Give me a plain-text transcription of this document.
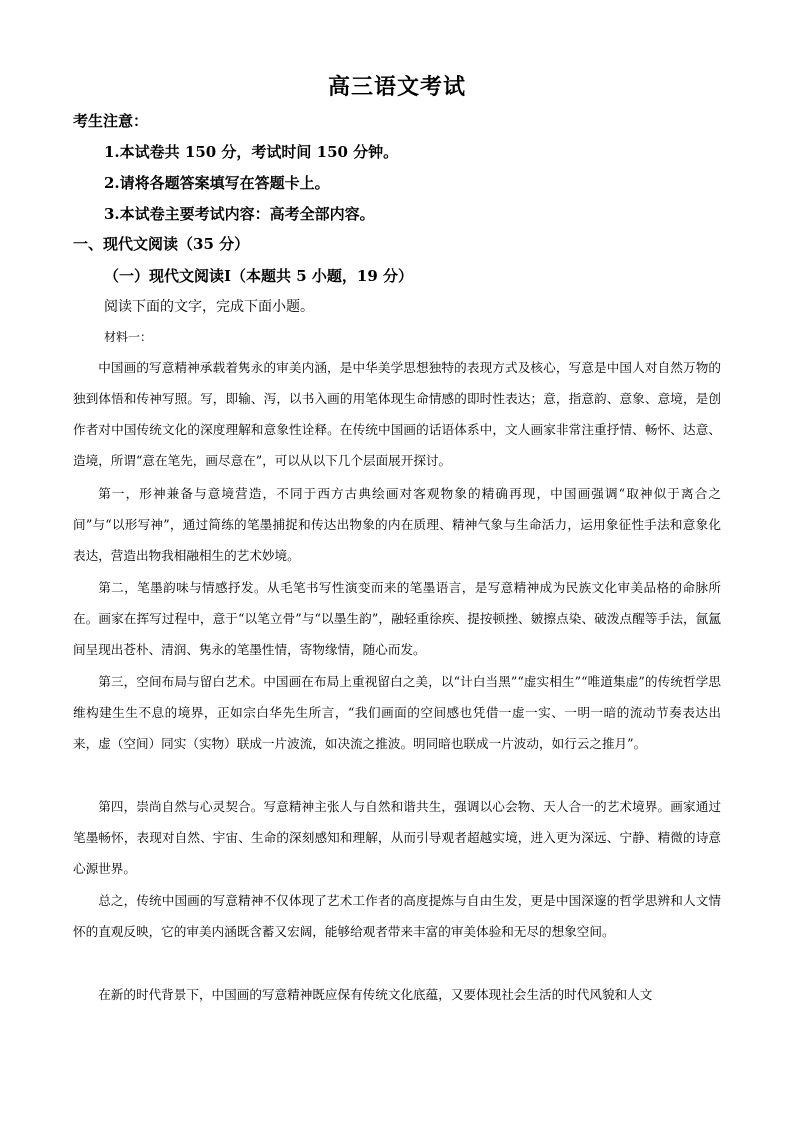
高三语文考试
考生注意：
1.本试卷共 150 分，考试时间 150 分钟。
2.请将各题答案填写在答题卡上。
3.本试卷主要考试内容：高考全部内容。
一、现代文阅读（35 分）
（一）现代文阅读Ⅰ（本题共 5 小题，19 分）
阅读下面的文字，完成下面小题。
材料一：

中国画的写意精神承载着隽永的审美内涵，是中华美学思想独特的表现方式及核心，写意是中国人对自然万物的独到体悟和传神写照。写，即输、泻，以书入画的用笔体现生命情感的即时性表达；意，指意韵、意象、意境，是创作者对中国传统文化的深度理解和意象性诠释。在传统中国画的话语体系中，文人画家非常注重抒情、畅怀、达意、造境，所谓“意在笔先，画尽意在”，可以从以下几个层面展开探讨。

第一，形神兼备与意境营造，不同于西方古典绘画对客观物象的精确再现，中国画强调“取神似于离合之间”与“以形写神”，通过简练的笔墨捕捉和传达出物象的内在质理、精神气象与生命活力，运用象征性手法和意象化表达，营造出物我相融相生的艺术妙境。

第二，笔墨韵味与情感抒发。从毛笔书写性演变而来的笔墨语言，是写意精神成为民族文化审美品格的命脉所在。画家在挥写过程中，意于“以笔立骨”与“以墨生韵”，融轻重徐疾、提按顿挫、皴擦点染、破泼点醒等手法，氤氲间呈现出苍朴、清润、隽永的笔墨性情，寄物缘情，随心而发。

第三，空间布局与留白艺术。中国画在布局上重视留白之美，以“计白当黑”“虚实相生”“唯道集虚”的传统哲学思维构建生生不息的境界，正如宗白华先生所言，“我们画面的空间感也凭借一虚一实、一明一暗的流动节奏表达出来，虚（空间）同实（实物）联成一片波流，如决流之推波。明同暗也联成一片波动，如行云之推月”。

第四，崇尚自然与心灵契合。写意精神主张人与自然和谐共生，强调以心会物、天人合一的艺术境界。画家通过笔墨畅怀，表现对自然、宇宙、生命的深刻感知和理解，从而引导观者超越实境，进入更为深远、宁静、精微的诗意心源世界。

总之，传统中国画的写意精神不仅体现了艺术工作者的高度提炼与自由生发，更是中国深邃的哲学思辨和人文情怀的直观反映，它的审美内涵既含蓄又宏阔，能够给观者带来丰富的审美体验和无尽的想象空间。

在新的时代背景下，中国画的写意精神既应保有传统文化底蕴，又要体现社会生活的时代风貌和人文
